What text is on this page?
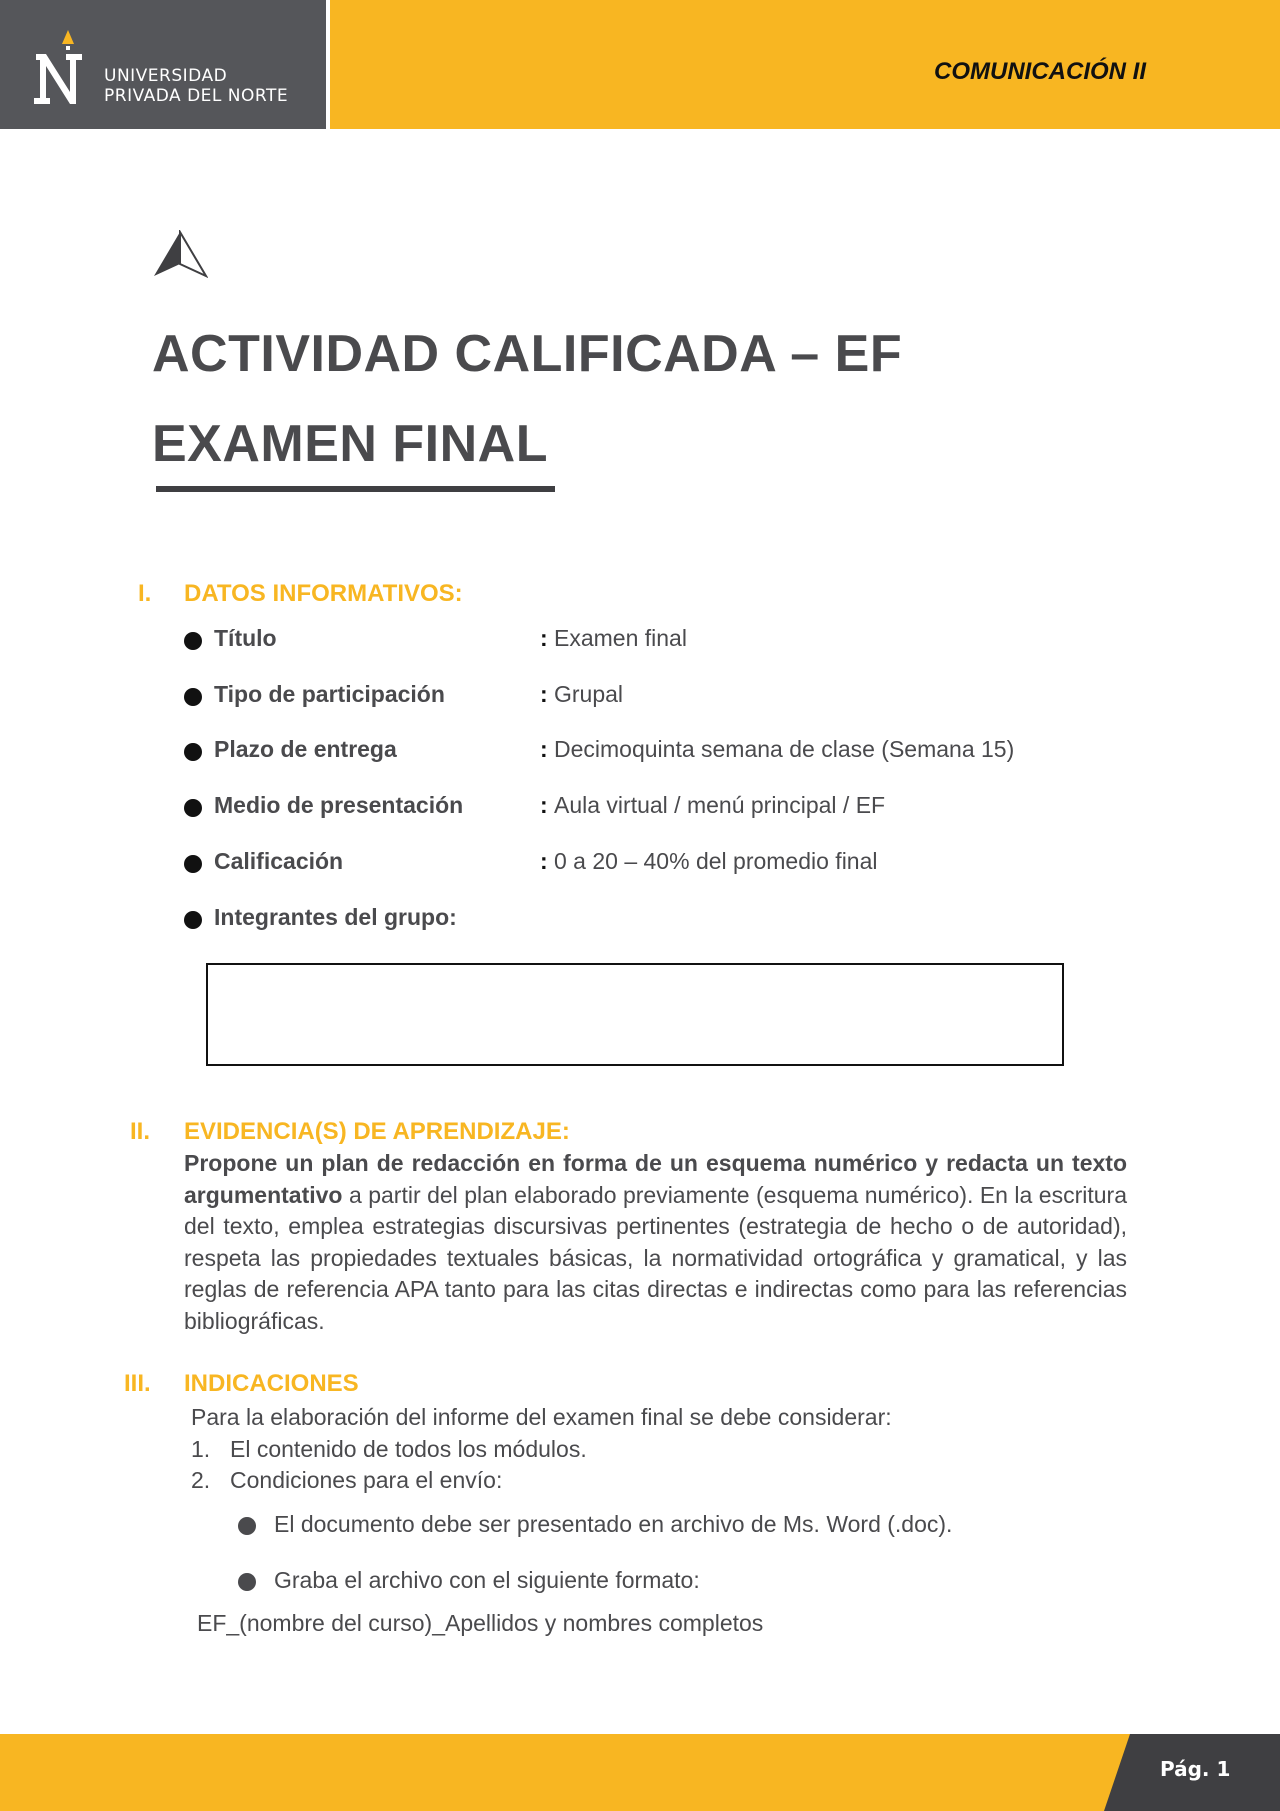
UNIVERSIDAD
PRIVADA DEL NORTE
COMUNICACIÓN II
ACTIVIDAD CALIFICADA – EF
EXAMEN FINAL
I. DATOS INFORMATIVOS:
Título	: Examen final
Tipo de participación	: Grupal
Plazo de entrega	: Decimoquinta semana de clase (Semana 15)
Medio de presentación	: Aula virtual / menú principal / EF
Calificación	: 0 a 20 – 40% del promedio final
Integrantes del grupo:
II. EVIDENCIA(S) DE APRENDIZAJE:
Propone un plan de redacción en forma de un esquema numérico y redacta un texto argumentativo a partir del plan elaborado previamente (esquema numérico). En la escritura del texto, emplea estrategias discursivas pertinentes (estrategia de hecho o de autoridad), respeta las propiedades textuales básicas, la normatividad ortográfica y gramatical, y las reglas de referencia APA tanto para las citas directas e indirectas como para las referencias bibliográficas.
III. INDICACIONES
Para la elaboración del informe del examen final se debe considerar:
1. El contenido de todos los módulos.
2. Condiciones para el envío:
El documento debe ser presentado en archivo de Ms. Word (.doc).
Graba el archivo con el siguiente formato:
EF_(nombre del curso)_Apellidos y nombres completos
Pág. 1
